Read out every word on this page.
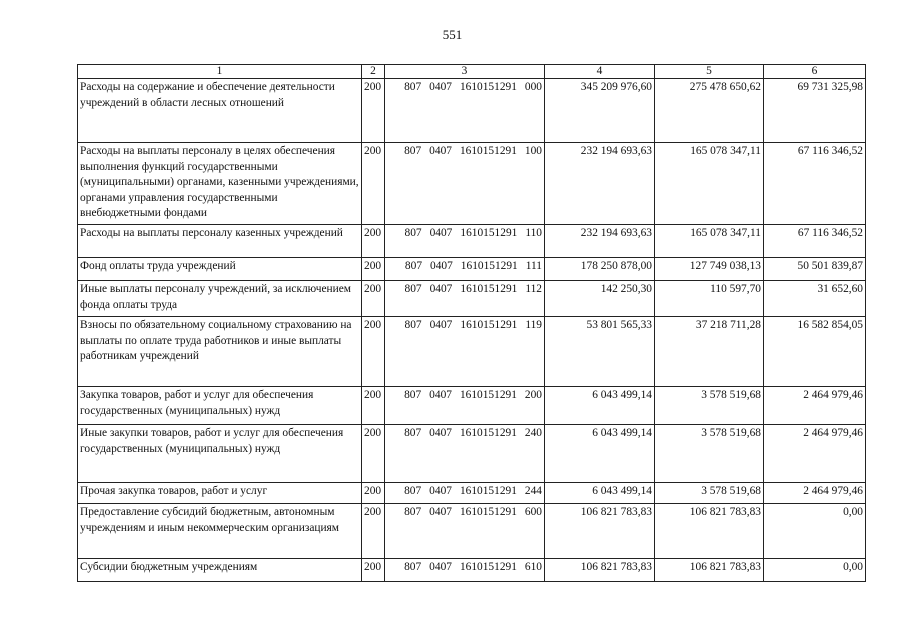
551
1	2	3	4	5	6
Расходы на содержание и обеспечение деятельности учреждений в области лесных отношений	200	807 0407 1610151291 000	345 209 976,60	275 478 650,62	69 731 325,98
Расходы на выплаты персоналу в целях обеспечения выполнения функций государственными (муниципальными) органами, казенными учреждениями, органами управления государственными внебюджетными фондами	200	807 0407 1610151291 100	232 194 693,63	165 078 347,11	67 116 346,52
Расходы на выплаты персоналу казенных учреждений	200	807 0407 1610151291 110	232 194 693,63	165 078 347,11	67 116 346,52
Фонд оплаты труда учреждений	200	807 0407 1610151291 111	178 250 878,00	127 749 038,13	50 501 839,87
Иные выплаты персоналу учреждений, за исключением фонда оплаты труда	200	807 0407 1610151291 112	142 250,30	110 597,70	31 652,60
Взносы по обязательному социальному страхованию на выплаты по оплате труда работников и иные выплаты работникам учреждений	200	807 0407 1610151291 119	53 801 565,33	37 218 711,28	16 582 854,05
Закупка товаров, работ и услуг для обеспечения государственных (муниципальных) нужд	200	807 0407 1610151291 200	6 043 499,14	3 578 519,68	2 464 979,46
Иные закупки товаров, работ и услуг для обеспечения государственных (муниципальных) нужд	200	807 0407 1610151291 240	6 043 499,14	3 578 519,68	2 464 979,46
Прочая закупка товаров, работ и услуг	200	807 0407 1610151291 244	6 043 499,14	3 578 519,68	2 464 979,46
Предоставление субсидий бюджетным, автономным учреждениям и иным некоммерческим организациям	200	807 0407 1610151291 600	106 821 783,83	106 821 783,83	0,00
Субсидии бюджетным учреждениям	200	807 0407 1610151291 610	106 821 783,83	106 821 783,83	0,00
